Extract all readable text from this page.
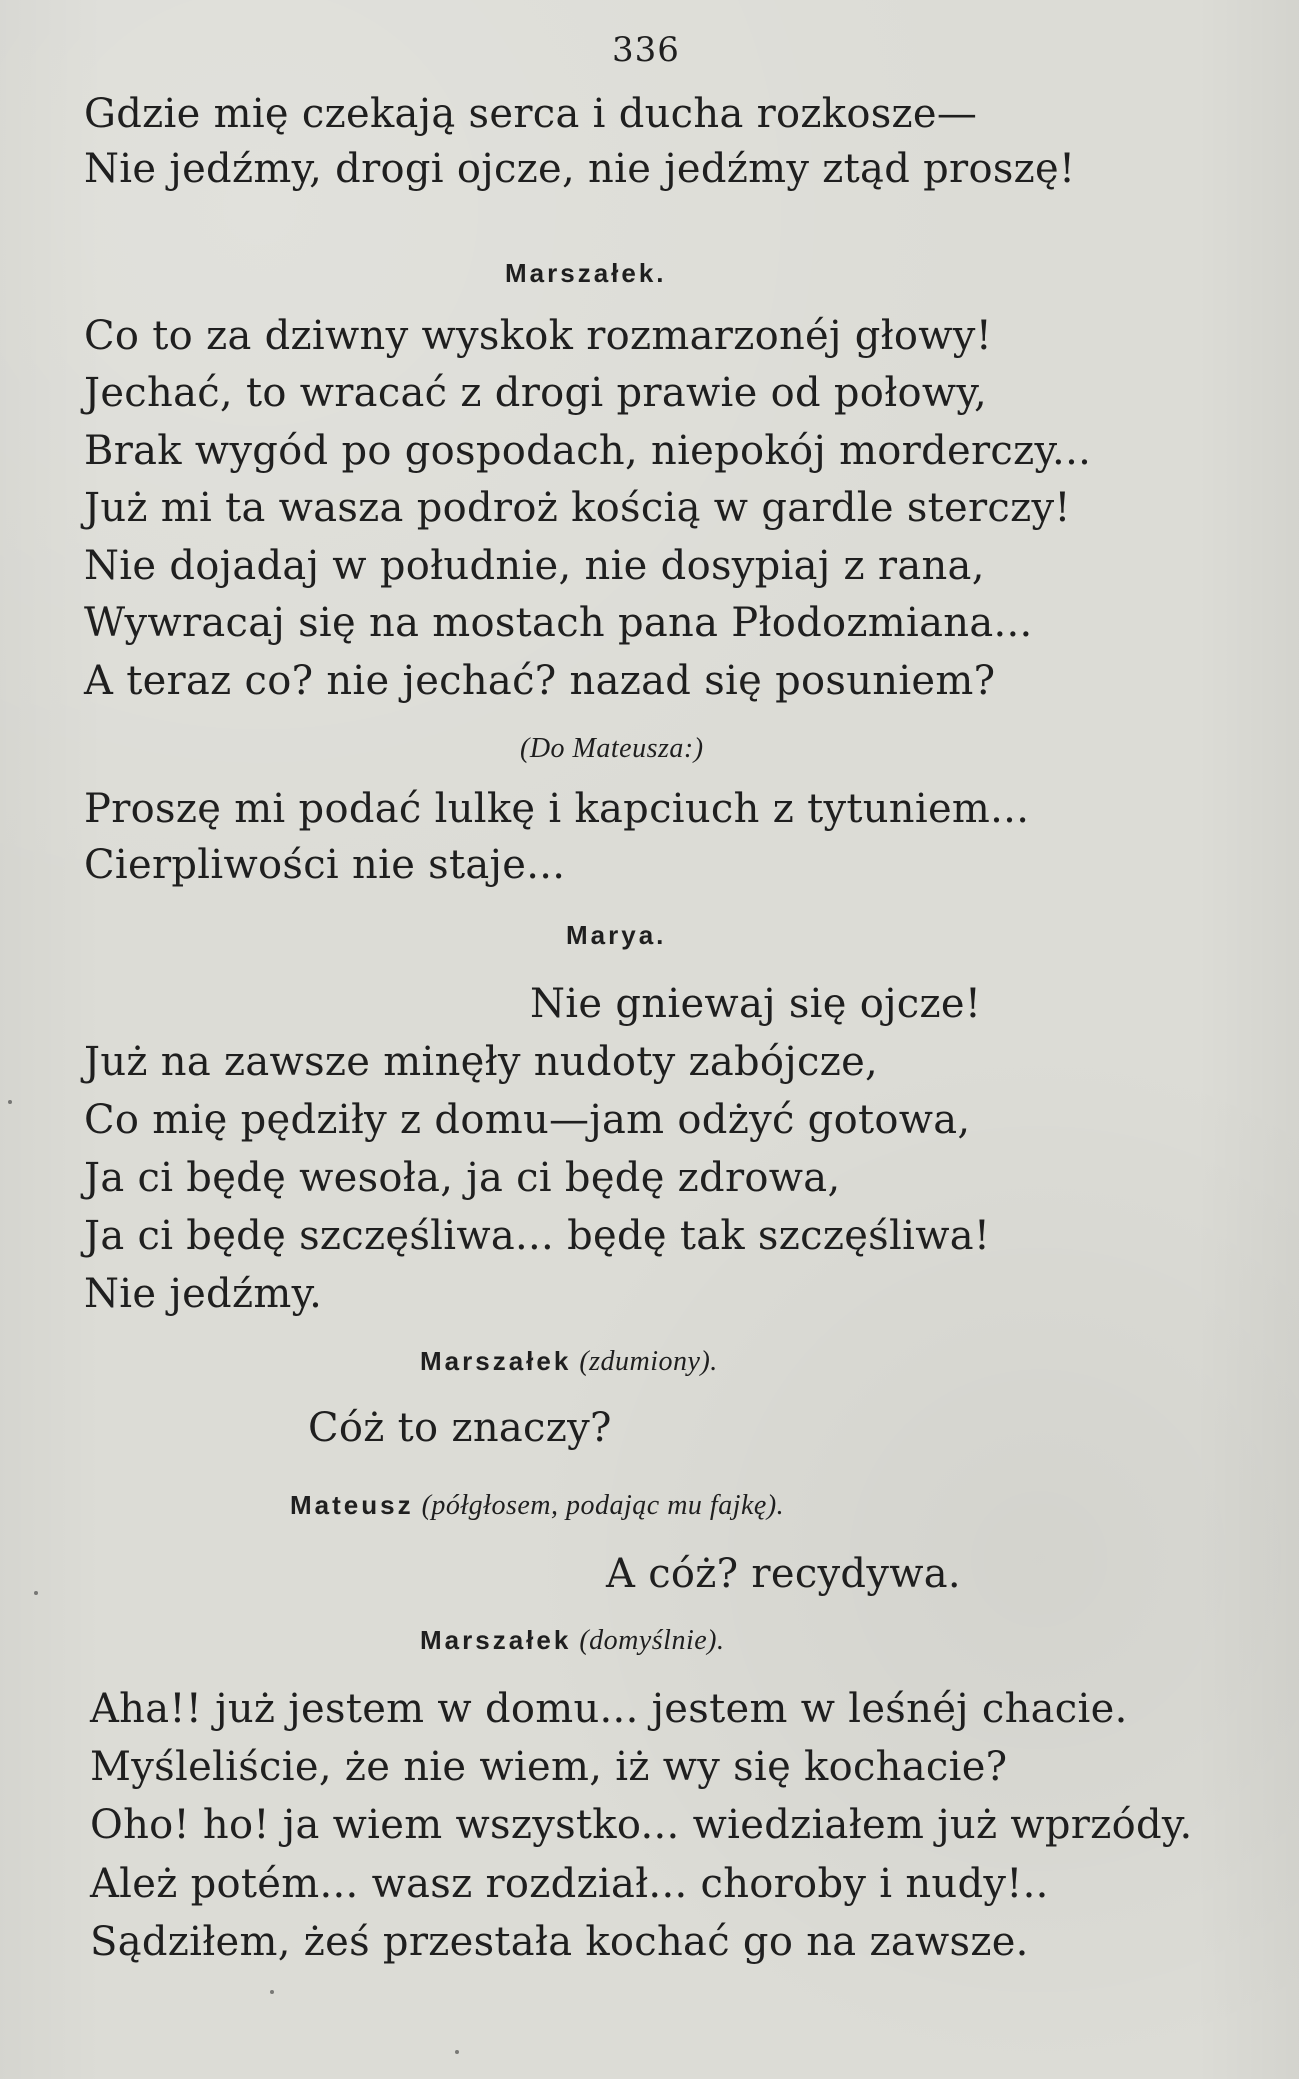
336
Gdzie mię czekają serca i ducha rozkosze—
Nie jedźmy, drogi ojcze, nie jedźmy ztąd proszę!
Marszałek.
Co to za dziwny wyskok rozmarzonéj głowy!
Jechać, to wracać z drogi prawie od połowy,
Brak wygód po gospodach, niepokój morderczy...
Już mi ta wasza podroż kością w gardle sterczy!
Nie dojadaj w południe, nie dosypiaj z rana,
Wywracaj się na mostach pana Płodozmiana...
A teraz co? nie jechać? nazad się posuniem?
(Do Mateusza:)
Proszę mi podać lulkę i kapciuch z tytuniem...
Cierpliwości nie staje...
Marya.
Nie gniewaj się ojcze!
Już na zawsze minęły nudoty zabójcze,
Co mię pędziły z domu—jam odżyć gotowa,
Ja ci będę wesoła, ja ci będę zdrowa,
Ja ci będę szczęśliwa... będę tak szczęśliwa!
Nie jedźmy.
Marszałek (zdumiony).
Cóż to znaczy?
Mateusz (półgłosem, podając mu fajkę).
A cóż? recydywa.
Marszałek (domyślnie).
Aha!! już jestem w domu... jestem w leśnéj chacie.
Myśleliście, że nie wiem, iż wy się kochacie?
Oho! ho! ja wiem wszystko... wiedziałem już wprzódy.
Ależ potém... wasz rozdział... choroby i nudy!..
Sądziłem, żeś przestała kochać go na zawsze.
